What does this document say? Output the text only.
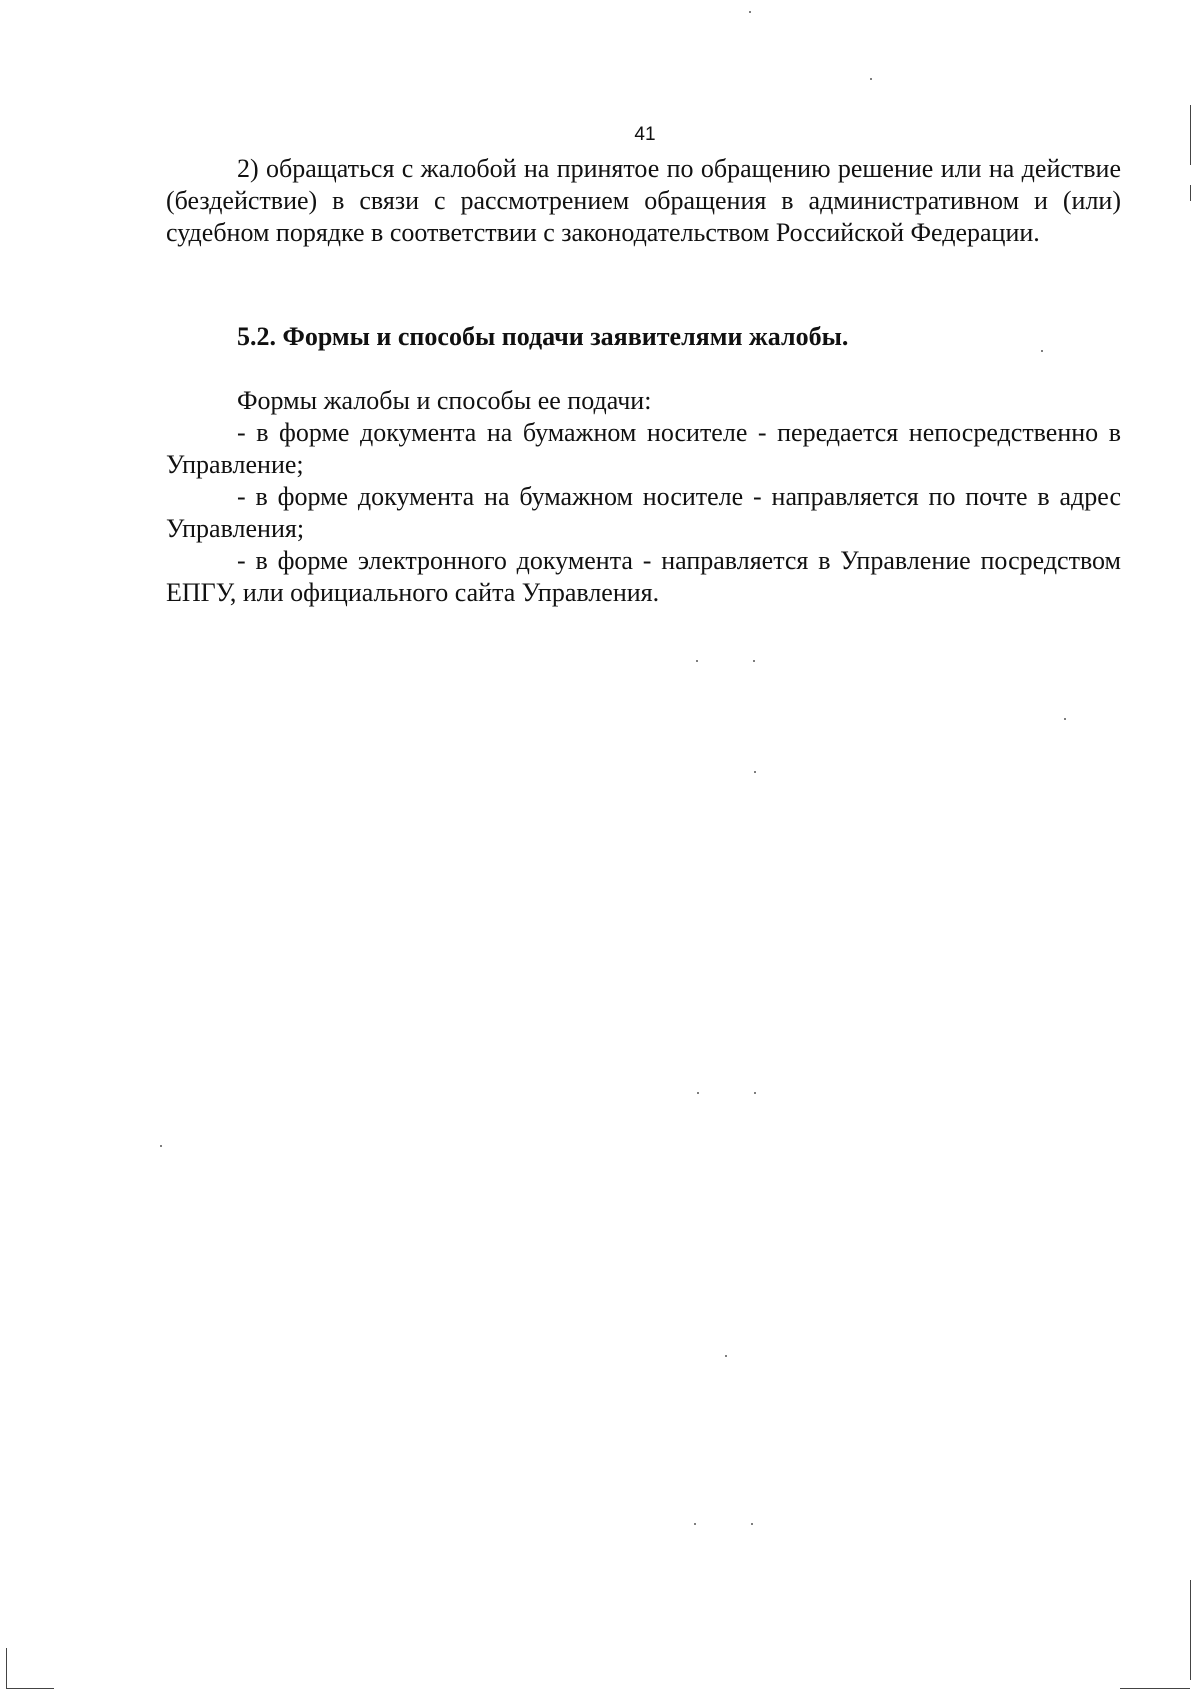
41

2) обращаться с жалобой на принятое по обращению решение или на действие (бездействие) в связи с рассмотрением обращения в административном и (или) судебном порядке в соответствии с законодательством Российской Федерации.

5.2. Формы и способы подачи заявителями жалобы.

Формы жалобы и способы ее подачи:

- в форме документа на бумажном носителе - передается непосредственно в Управление;

- в форме документа на бумажном носителе - направляется по почте в адрес Управления;

- в форме электронного документа - направляется в Управление посредством ЕПГУ, или официального сайта Управления.
